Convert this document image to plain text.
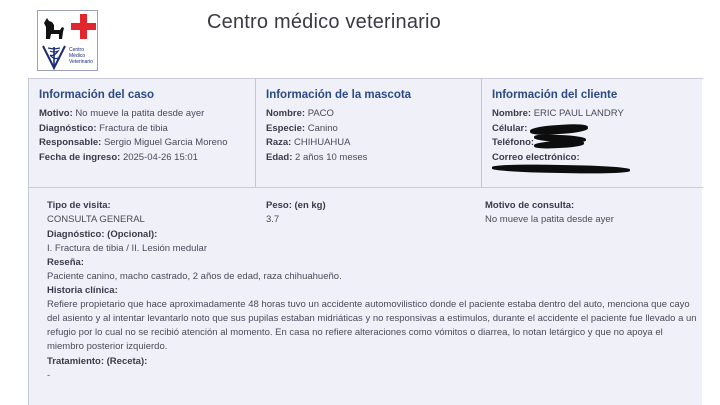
Centro
Médico
Veterinario
Centro médico veterinario
Información del caso
Motivo: No mueve la patita desde ayer
Diagnóstico: Fractura de tibia
Responsable: Sergio Miguel Garcia Moreno
Fecha de ingreso: 2025-04-26 15:01
Información de la mascota
Nombre: PACO
Especie: Canino
Raza: CHIHUAHUA
Edad: 2 años 10 meses
Información del cliente
Nombre: ERIC PAUL LANDRY
Célular:
Teléfono:
Correo electrónico:
Tipo de visita:
CONSULTA GENERAL
Peso: (en kg)
3.7
Motivo de consulta:
No mueve la patita desde ayer
Diagnóstico: (Opcional):
I. Fractura de tibia / II. Lesión medular
Reseña:
Paciente canino, macho castrado, 2 años de edad, raza chihuahueño.
Historia clínica:
Refiere propietario que hace aproximadamente 48 horas tuvo un accidente automovilistico donde el paciente estaba dentro del auto, menciona que cayo del asiento y al intentar levantarlo noto que sus pupilas estaban midriáticas y no responsivas a estimulos, durante el accidente el paciente fue llevado a un refugio por lo cual no se recibió atención al momento. En casa no refiere alteraciones como vómitos o diarrea, lo notan letárgico y que no apoya el miembro posterior izquierdo.
Tratamiento: (Receta):
-
